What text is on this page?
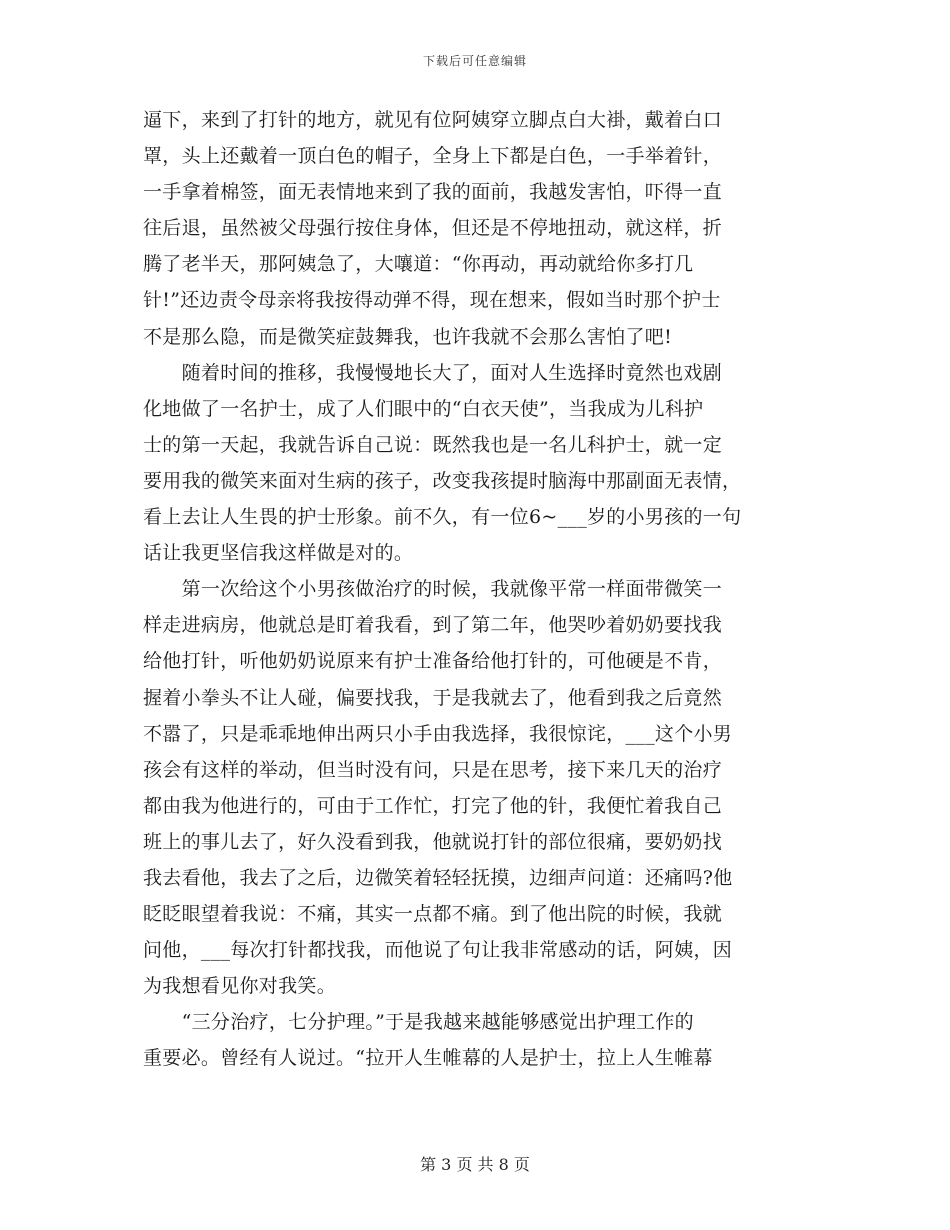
下载后可任意编辑
逼下，来到了打针的地方，就见有位阿姨穿立脚点白大褂，戴着白口
罩，头上还戴着一顶白色的帽子，全身上下都是白色，一手举着针，
一手拿着棉签，面无表情地来到了我的面前，我越发害怕，吓得一直
往后退，虽然被父母强行按住身体，但还是不停地扭动，就这样，折
腾了老半天，那阿姨急了，大嚷道：“你再动，再动就给你多打几
针!”还边责令母亲将我按得动弹不得，现在想来，假如当时那个护士
不是那么隐，而是微笑症鼓舞我，也许我就不会那么害怕了吧!
　　随着时间的推移，我慢慢地长大了，面对人生选择时竟然也戏剧
化地做了一名护士，成了人们眼中的“白衣天使”，当我成为儿科护
士的第一天起，我就告诉自己说：既然我也是一名儿科护士，就一定
要用我的微笑来面对生病的孩子，改变我孩提时脑海中那副面无表情，
看上去让人生畏的护士形象。前不久，有一位6~___岁的小男孩的一句
话让我更坚信我这样做是对的。
　　第一次给这个小男孩做治疗的时候，我就像平常一样面带微笑一
样走进病房，他就总是盯着我看，到了第二年，他哭吵着奶奶要找我
给他打针，听他奶奶说原来有护士准备给他打针的，可他硬是不肯，
握着小拳头不让人碰，偏要找我，于是我就去了，他看到我之后竟然
不嚣了，只是乖乖地伸出两只小手由我选择，我很惊诧，___这个小男
孩会有这样的举动，但当时没有问，只是在思考，接下来几天的治疗
都由我为他进行的，可由于工作忙，打完了他的针，我便忙着我自己
班上的事儿去了，好久没看到我，他就说打针的部位很痛，要奶奶找
我去看他，我去了之后，边微笑着轻轻抚摸，边细声问道：还痛吗?他
眨眨眼望着我说：不痛，其实一点都不痛。到了他出院的时候，我就
问他，___每次打针都找我，而他说了句让我非常感动的话，阿姨，因
为我想看见你对我笑。
　　“三分治疗，七分护理。”于是我越来越能够感觉出护理工作的
重要必。曾经有人说过。“拉开人生帷幕的人是护士，拉上人生帷幕
第 3 页 共 8 页
